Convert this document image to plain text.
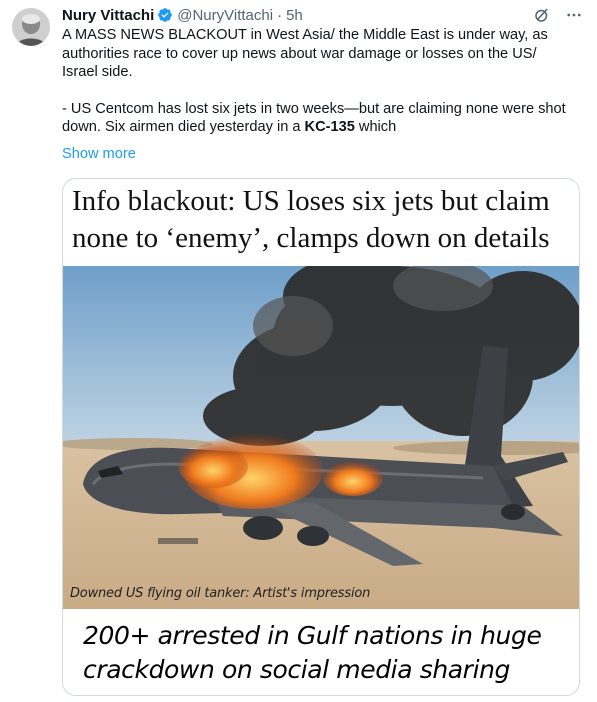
Nury Vittachi @NuryVittachi · 5h

A MASS NEWS BLACKOUT in West Asia/ the Middle East is under way, as

authorities race to cover up news about war damage or losses on the US/

Israel side.

- US Centcom has lost six jets in two weeks—but are claiming none were shot

down. Six airmen died yesterday in a KC-135 which

Show more
Info blackout: US loses six jets but claim
none to ‘enemy’, clamps down on details
Downed US flying oil tanker: Artist's impression
200+ arrested in Gulf nations in huge
crackdown on social media sharing
